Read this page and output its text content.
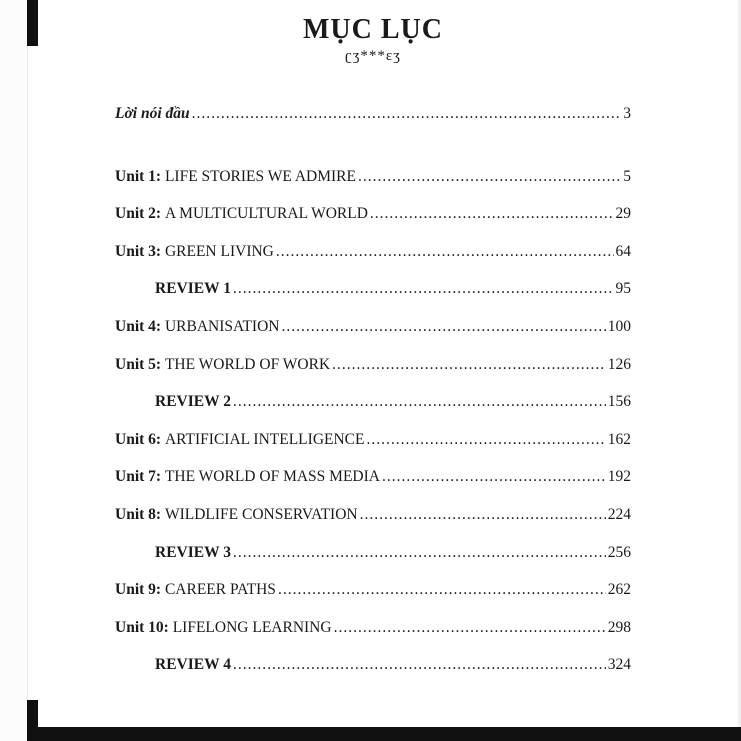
MỤC LỤC
ʗʒ***ɛʒ
Lời nói đầu .....	3
Unit 1: LIFE STORIES WE ADMIRE .....	5
Unit 2: A MULTICULTURAL WORLD .....	29
Unit 3: GREEN LIVING .....	64
REVIEW 1 .....	95
Unit 4: URBANISATION .....	100
Unit 5: THE WORLD OF WORK .....	126
REVIEW 2 .....	156
Unit 6: ARTIFICIAL INTELLIGENCE .....	162
Unit 7: THE WORLD OF MASS MEDIA .....	192
Unit 8: WILDLIFE CONSERVATION .....	224
REVIEW 3 .....	256
Unit 9: CAREER PATHS .....	262
Unit 10: LIFELONG LEARNING .....	298
REVIEW 4 .....	324
